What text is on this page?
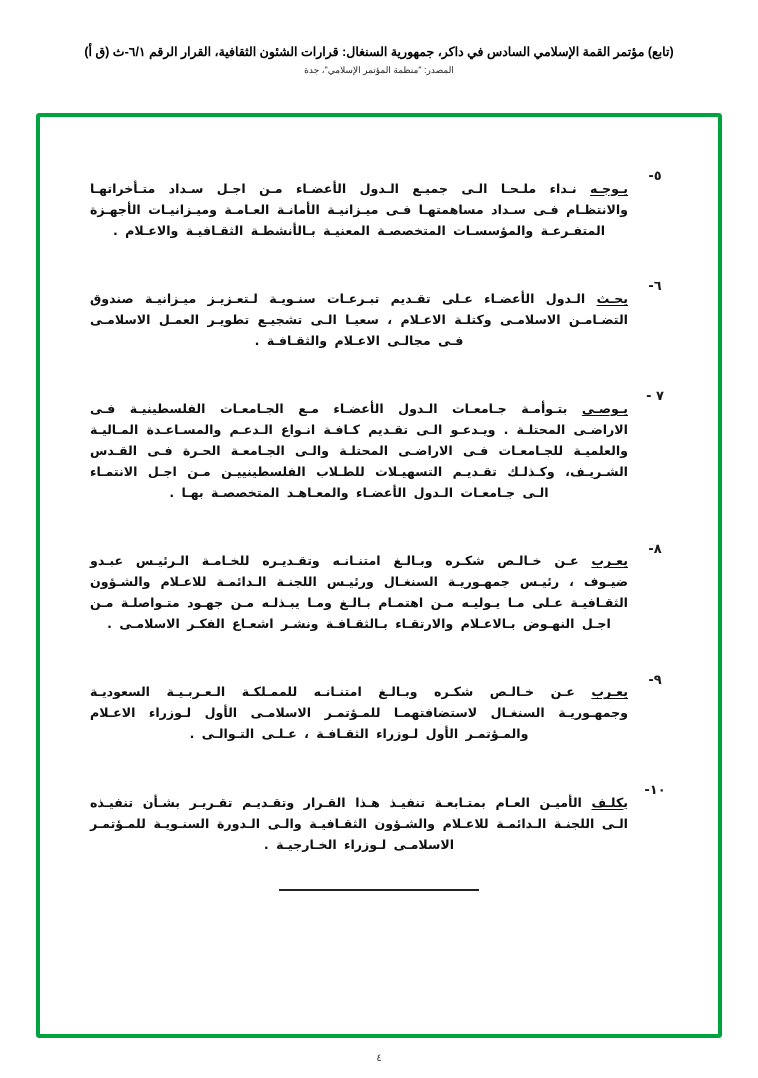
(تابع) مؤتمر القمة الإسلامي السادس في داكر، جمهورية السنغال: قرارات الشئون الثقافية، القرار الرقم ٦/١-ث (ق أ)
المصدر: "منظمة المؤتمر الإسلامي"، جدة
٥-

يـوجـه نـداء ملـحـا الـى جميـع الـدول الأعضـاء مـن اجـل سـداد متـأخراتهـا والانتظـام فـى سـداد مساهمتهـا فـى ميـزانيـة الأمانـة العـامـة وميـزانيـات الأجهـزة المتفـرعـة والمؤسسـات المتخصصـة المعنيـة بـالأنشطـة الثقـافيـة والاعـلام .

٦-

يحـث الـدول الأعضـاء عـلى تقـديم تبـرعـات سنـويـة لـتعـزيـز ميـزانيـة صندوق التضـامـن الاسلامـى وكتلـة الاعـلام ، سعيـا الـى تشجيـع تطويـر العمـل الاسلامـى فـى مجالـى الاعـلام والثقـافـة .

٧ -

يـوصـى بتـوأمـة جـامعـات الـدول الأعضـاء مـع الجـامعـات الفلسطينيـة فـى الاراضـى المحتلـة . ويـدعـو الـى تقـديم كـافـة انـواع الـدعـم والمسـاعـدة المـاليـة والعلميـة للجـامعـات فـى الاراضـى المحتلـة والـى الجـامعـة الحـرة فـى القـدس الشـريـف، وكـذلـك تقـديـم التسهيـلات للطـلاب الفلسطينييـن مـن اجـل الانتمـاء الـى جـامعـات الـدول الأعضـاء والمعـاهـد المتخصصـة بهـا .

٨-

يعـرب عـن خـالـص شكـره وبـالـغ امتنـانـه وتقـديـره للخـامـة الـرئيـس عبـدو ضيـوف ، رئيـس جمهـوريـة السنغـال ورئيـس اللجنـة الـدائمـة للاعـلام والشـؤون الثقـافيـة عـلى مـا يـوليـه مـن اهتمـام بـالـغ ومـا يبـذلـه مـن جهـود متـواصلـة مـن اجـل النهـوض بـالاعـلام والارتقـاء بـالثقـافـة ونشـر اشعـاع الفكـر الاسلامـى .

٩-

يعـرب عـن خـالـص شكـره وبـالـغ امتنـانـه للممـلكـة الـعـربـيـة السعوديـة وجمهـوريـة السنغـال لاستضافتهمـا للمـؤتمـر الاسلامـى الأول لـوزراء الاعـلام والمـؤتمـر الأول لـوزراء الثقـافـة ، عـلـى التـوالـى .

١٠-

يكلـف الأميـن العـام بمتـابعـة تنفيـذ هـذا القـرار وتقـديـم تقـريـر بشـأن تنفيـذه الـى اللجنـة الـدائمـة للاعـلام والشـؤون الثقـافيـة والـى الـدورة السنـويـة للمـؤتمـر الاسلامـى لـوزراء الخـارجيـة .

٤
